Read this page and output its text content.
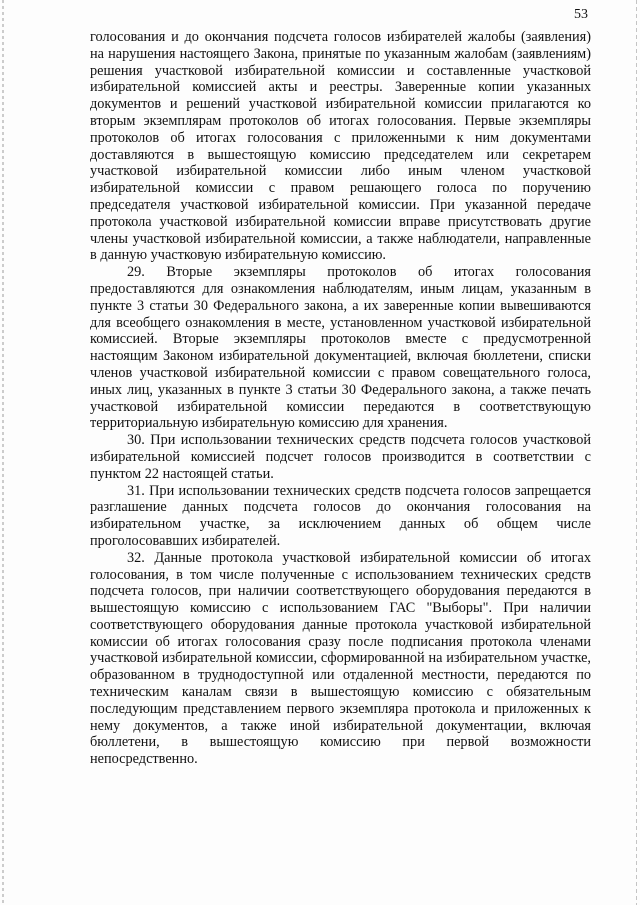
53

голосования и до окончания подсчета голосов избирателей жалобы (заявления) на нарушения настоящего Закона, принятые по указанным жалобам (заявлениям) решения участковой избирательной комиссии и составленные участковой избирательной комиссией акты и реестры. Заверенные копии указанных документов и решений участковой избирательной комиссии прилагаются ко вторым экземплярам протоколов об итогах голосования. Первые экземпляры протоколов об итогах голосования с приложенными к ним документами доставляются в вышестоящую комиссию председателем или секретарем участковой избирательной комиссии либо иным членом участковой избирательной комиссии с правом решающего голоса по поручению председателя участковой избирательной комиссии. При указанной передаче протокола участковой избирательной комиссии вправе присутствовать другие члены участковой избирательной комиссии, а также наблюдатели, направленные в данную участковую избирательную комиссию.

29. Вторые экземпляры протоколов об итогах голосования предоставляются для ознакомления наблюдателям, иным лицам, указанным в пункте 3 статьи 30 Федерального закона, а их заверенные копии вывешиваются для всеобщего ознакомления в месте, установленном участковой избирательной комиссией. Вторые экземпляры протоколов вместе с предусмотренной настоящим Законом избирательной документацией, включая бюллетени, списки членов участковой избирательной комиссии с правом совещательного голоса, иных лиц, указанных в пункте 3 статьи 30 Федерального закона, а также печать участковой избирательной комиссии передаются в соответствующую территориальную избирательную комиссию для хранения.

30. При использовании технических средств подсчета голосов участковой избирательной комиссией подсчет голосов производится в соответствии с пунктом 22 настоящей статьи.

31. При использовании технических средств подсчета голосов запрещается разглашение данных подсчета голосов до окончания голосования на избирательном участке, за исключением данных об общем числе проголосовавших избирателей.

32. Данные протокола участковой избирательной комиссии об итогах голосования, в том числе полученные с использованием технических средств подсчета голосов, при наличии соответствующего оборудования передаются в вышестоящую комиссию с использованием ГАС "Выборы". При наличии соответствующего оборудования данные протокола участковой избирательной комиссии об итогах голосования сразу после подписания протокола членами участковой избирательной комиссии, сформированной на избирательном участке, образованном в труднодоступной или отдаленной местности, передаются по техническим каналам связи в вышестоящую комиссию с обязательным последующим представлением первого экземпляра протокола и приложенных к нему документов, а также иной избирательной документации, включая бюллетени, в вышестоящую комиссию при первой возможности непосредственно.
